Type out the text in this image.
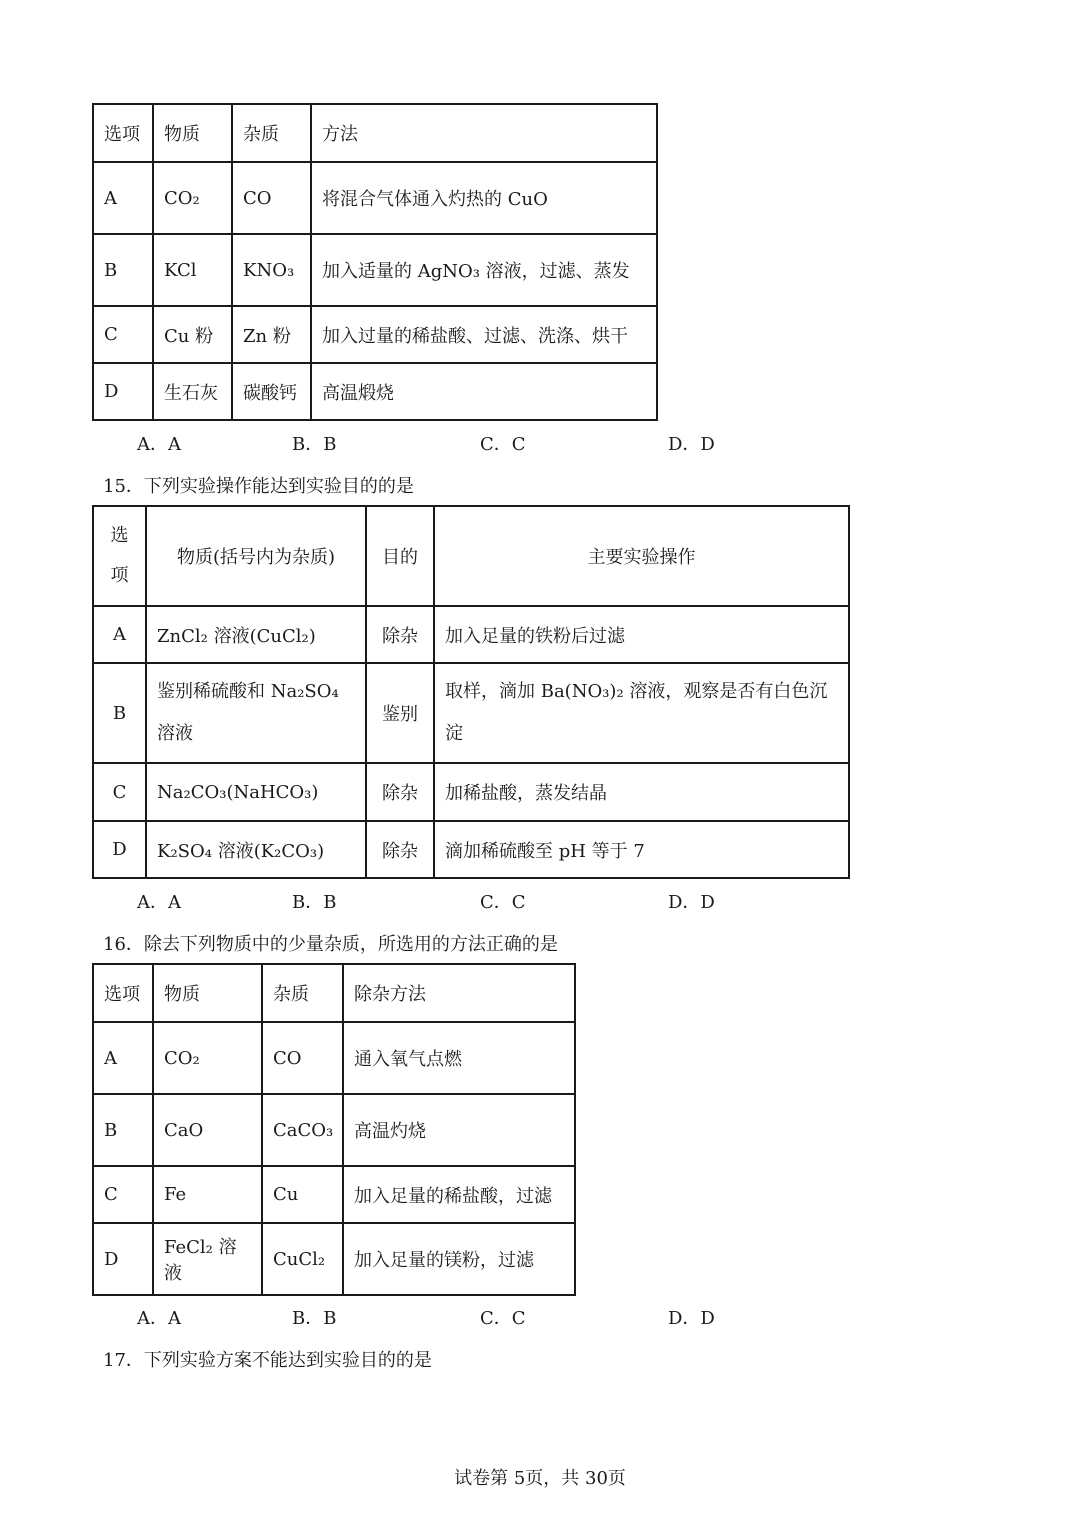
选项	物质	杂质	方法
A	CO₂	CO	将混合气体通入灼热的 CuO
B	KCl	KNO₃	加入适量的 AgNO₃ 溶液，过滤、蒸发
C	Cu 粉	Zn 粉	加入过量的稀盐酸、过滤、洗涤、烘干
D	生石灰	碳酸钙	高温煅烧
A．A	B．B	C．C	D．D
15．下列实验操作能达到实验目的的是
选
项	物质(括号内为杂质)	目的	主要实验操作
A	ZnCl₂ 溶液(CuCl₂)	除杂	加入足量的铁粉后过滤
B	鉴别稀硫酸和 Na₂SO₄ 溶液	鉴别	取样，滴加 Ba(NO₃)₂ 溶液，观察是否有白色沉淀
C	Na₂CO₃(NaHCO₃)	除杂	加稀盐酸，蒸发结晶
D	K₂SO₄ 溶液(K₂CO₃)	除杂	滴加稀硫酸至 pH 等于 7
A．A	B．B	C．C	D．D
16．除去下列物质中的少量杂质，所选用的方法正确的是
选项	物质	杂质	除杂方法
A	CO₂	CO	通入氧气点燃
B	CaO	CaCO₃	高温灼烧
C	Fe	Cu	加入足量的稀盐酸，过滤
D	FeCl₂ 溶液	CuCl₂	加入足量的镁粉，过滤
A．A	B．B	C．C	D．D
17．下列实验方案不能达到实验目的的是
试卷第 5页，共 30页
